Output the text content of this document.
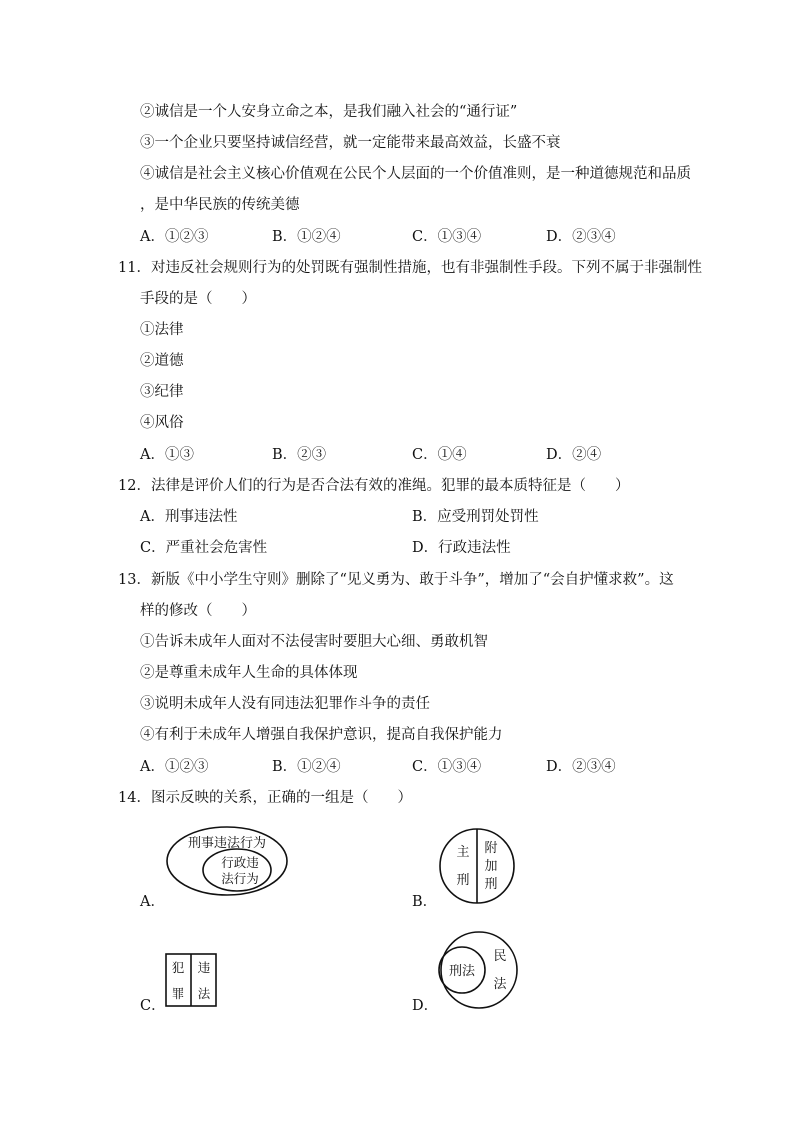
②诚信是一个人安身立命之本，是我们融入社会的“通行证”
③一个企业只要坚持诚信经营，就一定能带来最高效益，长盛不衰
④诚信是社会主义核心价值观在公民个人层面的一个价值准则，是一种道德规范和品质
，是中华民族的传统美德
A．①②③	B．①②④	C．①③④	D．②③④
11．对违反社会规则行为的处罚既有强制性措施，也有非强制性手段。下列不属于非强制性
手段的是（　　）
①法律
②道德
③纪律
④风俗
A．①③	B．②③	C．①④	D．②④
12．法律是评价人们的行为是否合法有效的准绳。犯罪的最本质特征是（　　）
A．刑事违法性	B．应受刑罚处罚性
C．严重社会危害性	D．行政违法性
13．新版《中小学生守则》删除了“见义勇为、敢于斗争”，增加了“会自护懂求救”。这
样的修改（　　）
①告诉未成年人面对不法侵害时要胆大心细、勇敢机智
②是尊重未成年人生命的具体体现
③说明未成年人没有同违法犯罪作斗争的责任
④有利于未成年人增强自我保护意识，提高自我保护能力
A．①②③	B．①②④	C．①③④	D．②③④
14．图示反映的关系，正确的一组是（　　）
A．
刑事违法行为
行政违
法行为
B．
主
刑
附
加
刑
C．
犯
罪
违
法
D．
刑法
民
法
